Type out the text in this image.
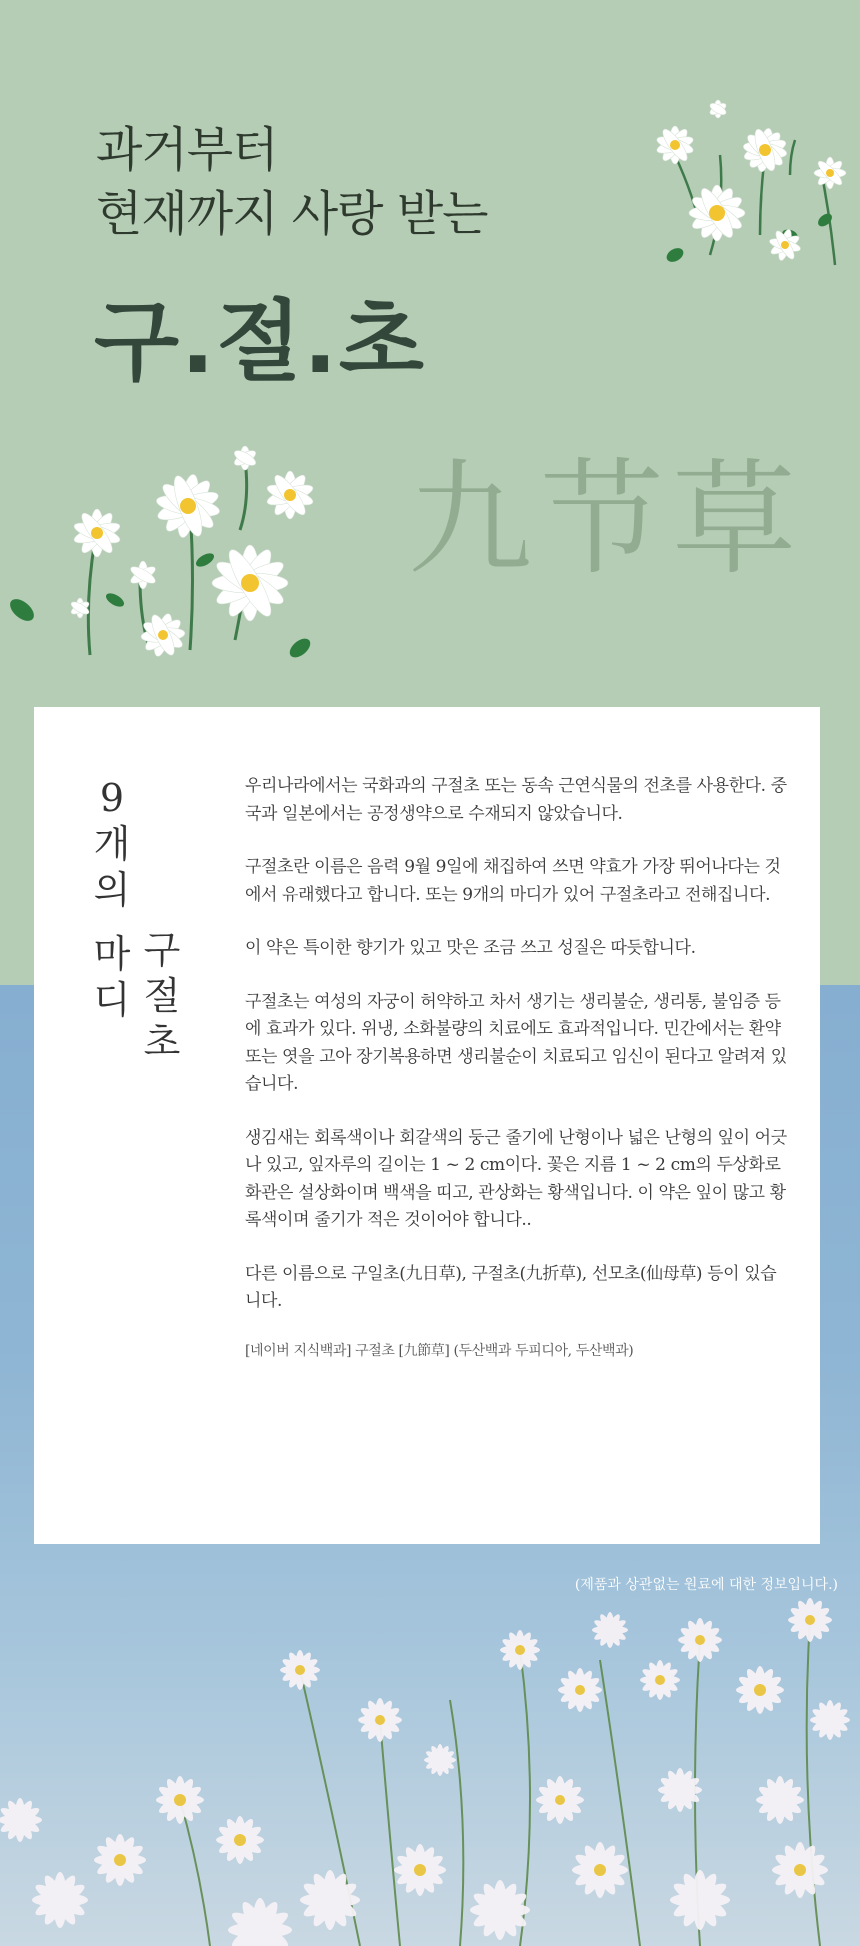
과거부터
현재까지 사랑 받는
구.절.초
九节草
(제품과 상관없는 원료에 대한 정보입니다.)
9
개
의
마
디
구
절
초

우리나라에서는 국화과의 구절초 또는 동속 근연식물의 전초를 사용한다. 중국과 일본에서는 공정생약으로 수재되지 않았습니다.

구절초란 이름은 음력 9월 9일에 채집하여 쓰면 약효가 가장 뛰어나다는 것에서 유래했다고 합니다. 또는 9개의 마디가 있어 구절초라고 전해집니다.

이 약은 특이한 향기가 있고 맛은 조금 쓰고 성질은 따듯합니다.

구절초는 여성의 자궁이 허약하고 차서 생기는 생리불순, 생리통, 불임증 등에 효과가 있다. 위냉, 소화불량의 치료에도 효과적입니다. 민간에서는 환약 또는 엿을 고아 장기복용하면 생리불순이 치료되고 임신이 된다고 알려져 있습니다.

생김새는 회록색이나 회갈색의 둥근 줄기에 난형이나 넓은 난형의 잎이 어긋나 있고, 잎자루의 길이는 1 ~ 2 cm이다. 꽃은 지름 1 ~ 2 cm의 두상화로 화관은 설상화이며 백색을 띠고, 관상화는 황색입니다. 이 약은 잎이 많고 황록색이며 줄기가 적은 것이어야 합니다..

다른 이름으로 구일초(九日草), 구절초(九折草), 선모초(仙母草) 등이 있습니다.

[네이버 지식백과] 구절초 [九節草] (두산백과 두피디아, 두산백과)
